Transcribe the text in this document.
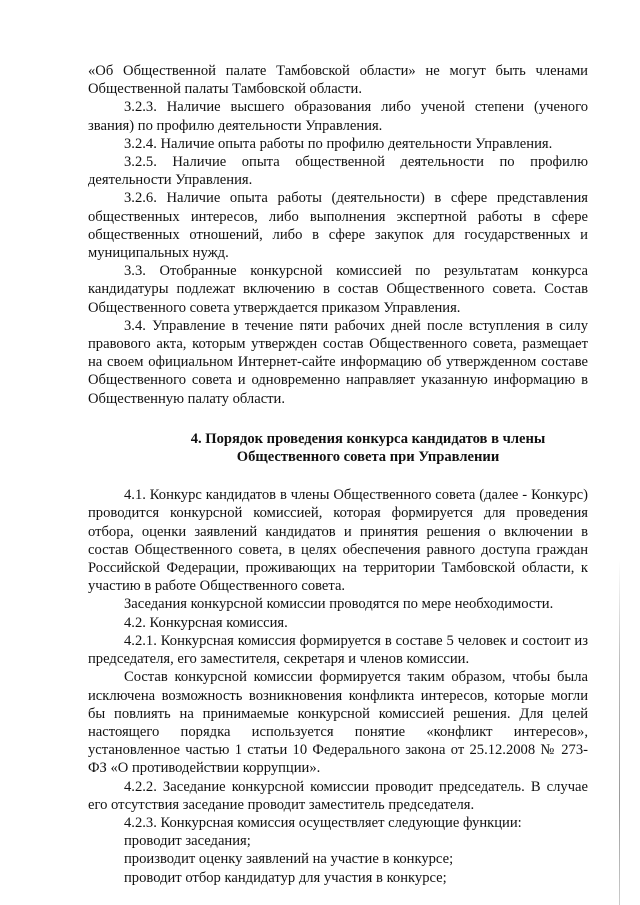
«Об Общественной палате Тамбовской области» не могут быть членами Общественной палаты Тамбовской области.

3.2.3. Наличие высшего образования либо ученой степени (ученого звания) по профилю деятельности Управления.

3.2.4. Наличие опыта работы по профилю деятельности Управления.

3.2.5. Наличие опыта общественной деятельности по профилю деятельности Управления.

3.2.6. Наличие опыта работы (деятельности) в сфере представления общественных интересов, либо выполнения экспертной работы в сфере общественных отношений, либо в сфере закупок для государственных и муниципальных нужд.

3.3. Отобранные конкурсной комиссией по результатам конкурса кандидатуры подлежат включению в состав Общественного совета. Состав Общественного совета утверждается приказом Управления.

3.4. Управление в течение пяти рабочих дней после вступления в силу правового акта, которым утвержден состав Общественного совета, размещает на своем официальном Интернет-сайте информацию об утвержденном составе Общественного совета и одновременно направляет указанную информацию в Общественную палату области.

4. Порядок проведения конкурса кандидатов в члены
Общественного совета при Управлении

4.1. Конкурс кандидатов в члены Общественного совета (далее - Конкурс) проводится конкурсной комиссией, которая формируется для проведения отбора, оценки заявлений кандидатов и принятия решения о включении в состав Общественного совета, в целях обеспечения равного доступа граждан Российской Федерации, проживающих на территории Тамбовской области, к участию в работе Общественного совета.

Заседания конкурсной комиссии проводятся по мере необходимости.

4.2. Конкурсная комиссия.

4.2.1. Конкурсная комиссия формируется в составе 5 человек и состоит из председателя, его заместителя, секретаря и членов комиссии.

Состав конкурсной комиссии формируется таким образом, чтобы была исключена возможность возникновения конфликта интересов, которые могли бы повлиять на принимаемые конкурсной комиссией решения. Для целей настоящего порядка используется понятие «конфликт интересов», установленное частью 1 статьи 10 Федерального закона от 25.12.2008 № 273-ФЗ «О противодействии коррупции».

4.2.2. Заседание конкурсной комиссии проводит председатель. В случае его отсутствия заседание проводит заместитель председателя.

4.2.3. Конкурсная комиссия осуществляет следующие функции:

проводит заседания;

производит оценку заявлений на участие в конкурсе;

проводит отбор кандидатур для участия в конкурсе;
